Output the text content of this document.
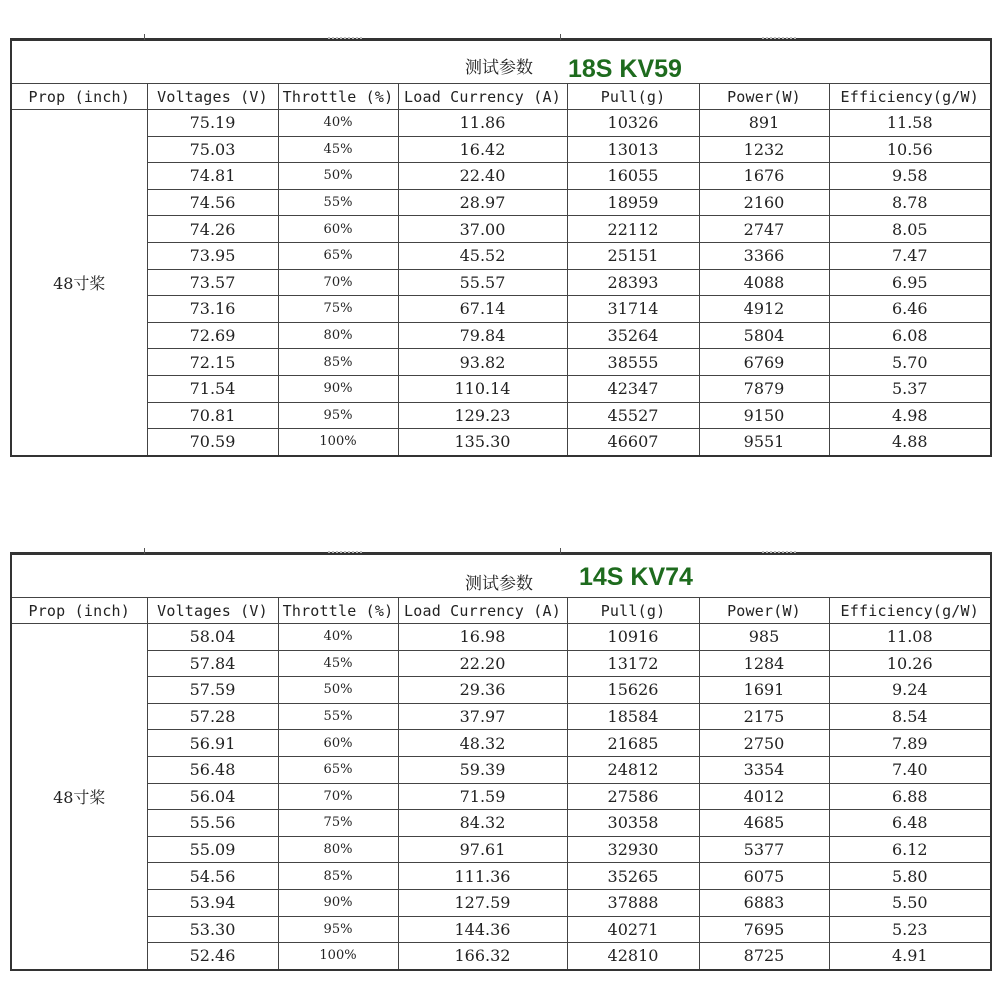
测试参数 18S KV59						

Prop (inch)	Voltages (V)	Throttle (%)	Load Currency (A)	Pull(g)	Power(W)	Efficiency(g/W)
48寸桨	75.19	40%	11.86	10326	891	11.58
	75.03	45%	16.42	13013	1232	10.56
	74.81	50%	22.40	16055	1676	9.58
	74.56	55%	28.97	18959	2160	8.78
	74.26	60%	37.00	22112	2747	8.05
	73.95	65%	45.52	25151	3366	7.47
	73.57	70%	55.57	28393	4088	6.95
	73.16	75%	67.14	31714	4912	6.46
	72.69	80%	79.84	35264	5804	6.08
	72.15	85%	93.82	38555	6769	5.70
	71.54	90%	110.14	42347	7879	5.37
	70.81	95%	129.23	45527	9150	4.98
	70.59	100%	135.30	46607	9551	4.88
测试参数 14S KV74						

Prop (inch)	Voltages (V)	Throttle (%)	Load Currency (A)	Pull(g)	Power(W)	Efficiency(g/W)
48寸桨	58.04	40%	16.98	10916	985	11.08
	57.84	45%	22.20	13172	1284	10.26
	57.59	50%	29.36	15626	1691	9.24
	57.28	55%	37.97	18584	2175	8.54
	56.91	60%	48.32	21685	2750	7.89
	56.48	65%	59.39	24812	3354	7.40
	56.04	70%	71.59	27586	4012	6.88
	55.56	75%	84.32	30358	4685	6.48
	55.09	80%	97.61	32930	5377	6.12
	54.56	85%	111.36	35265	6075	5.80
	53.94	90%	127.59	37888	6883	5.50
	53.30	95%	144.36	40271	7695	5.23
	52.46	100%	166.32	42810	8725	4.91
